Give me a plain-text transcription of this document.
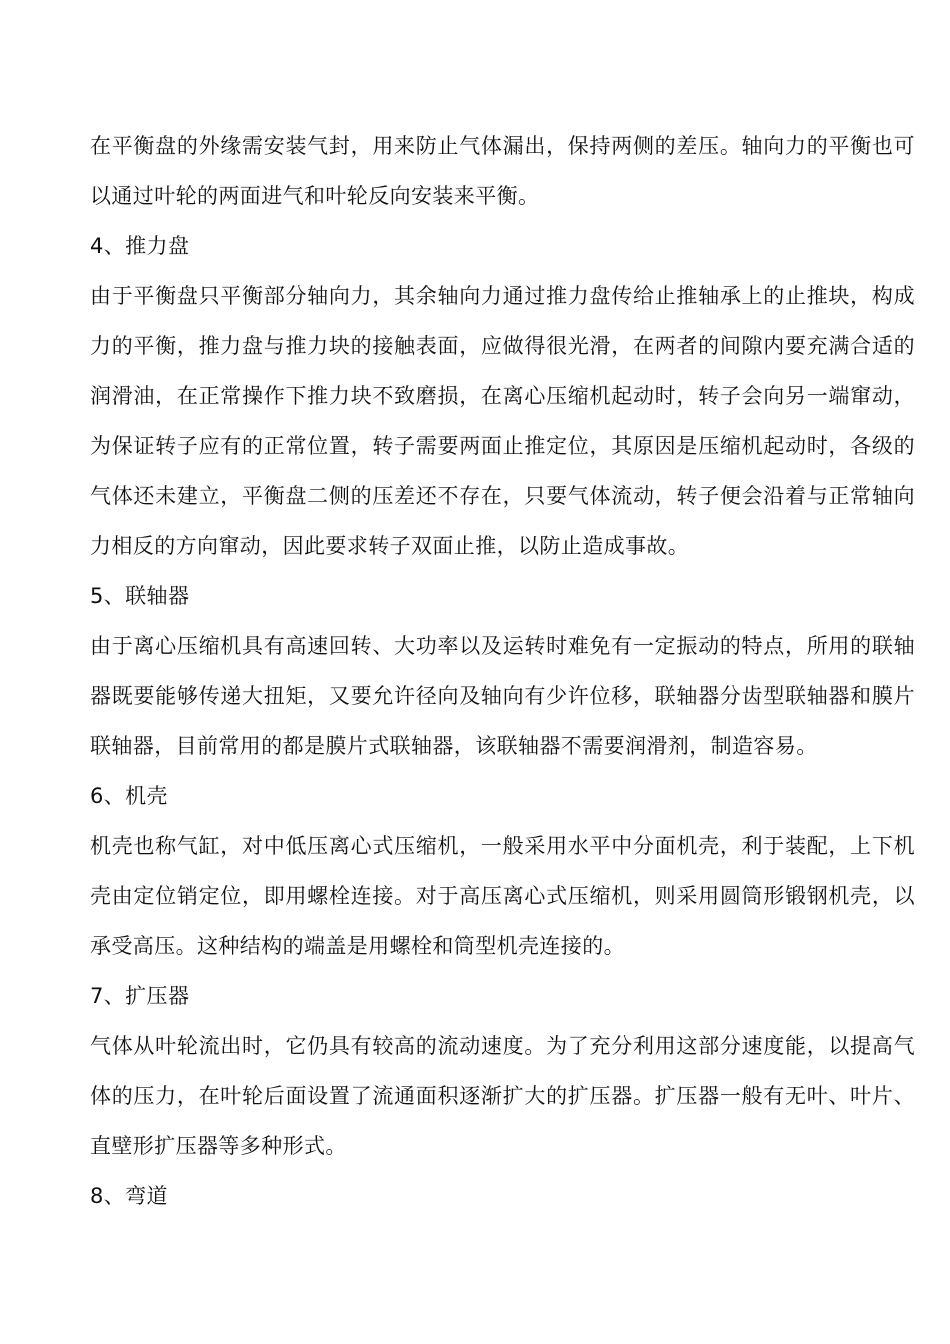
在平衡盘的外缘需安装气封，用来防止气体漏出，保持两侧的差压。轴向力的平衡也可以通过叶轮的两面进气和叶轮反向安装来平衡。

4、推力盘

由于平衡盘只平衡部分轴向力，其余轴向力通过推力盘传给止推轴承上的止推块，构成力的平衡，推力盘与推力块的接触表面，应做得很光滑，在两者的间隙内要充满合适的润滑油，在正常操作下推力块不致磨损，在离心压缩机起动时，转子会向另一端窜动，为保证转子应有的正常位置，转子需要两面止推定位，其原因是压缩机起动时，各级的气体还未建立，平衡盘二侧的压差还不存在，只要气体流动，转子便会沿着与正常轴向力相反的方向窜动，因此要求转子双面止推，以防止造成事故。

5、联轴器

由于离心压缩机具有高速回转、大功率以及运转时难免有一定振动的特点，所用的联轴器既要能够传递大扭矩，又要允许径向及轴向有少许位移，联轴器分齿型联轴器和膜片联轴器，目前常用的都是膜片式联轴器，该联轴器不需要润滑剂，制造容易。

6、机壳

机壳也称气缸，对中低压离心式压缩机，一般采用水平中分面机壳，利于装配，上下机壳由定位销定位，即用螺栓连接。对于高压离心式压缩机，则采用圆筒形锻钢机壳，以承受高压。这种结构的端盖是用螺栓和筒型机壳连接的。

7、扩压器

气体从叶轮流出时，它仍具有较高的流动速度。为了充分利用这部分速度能，以提高气体的压力，在叶轮后面设置了流通面积逐渐扩大的扩压器。扩压器一般有无叶、叶片、直壁形扩压器等多种形式。

8、弯道
